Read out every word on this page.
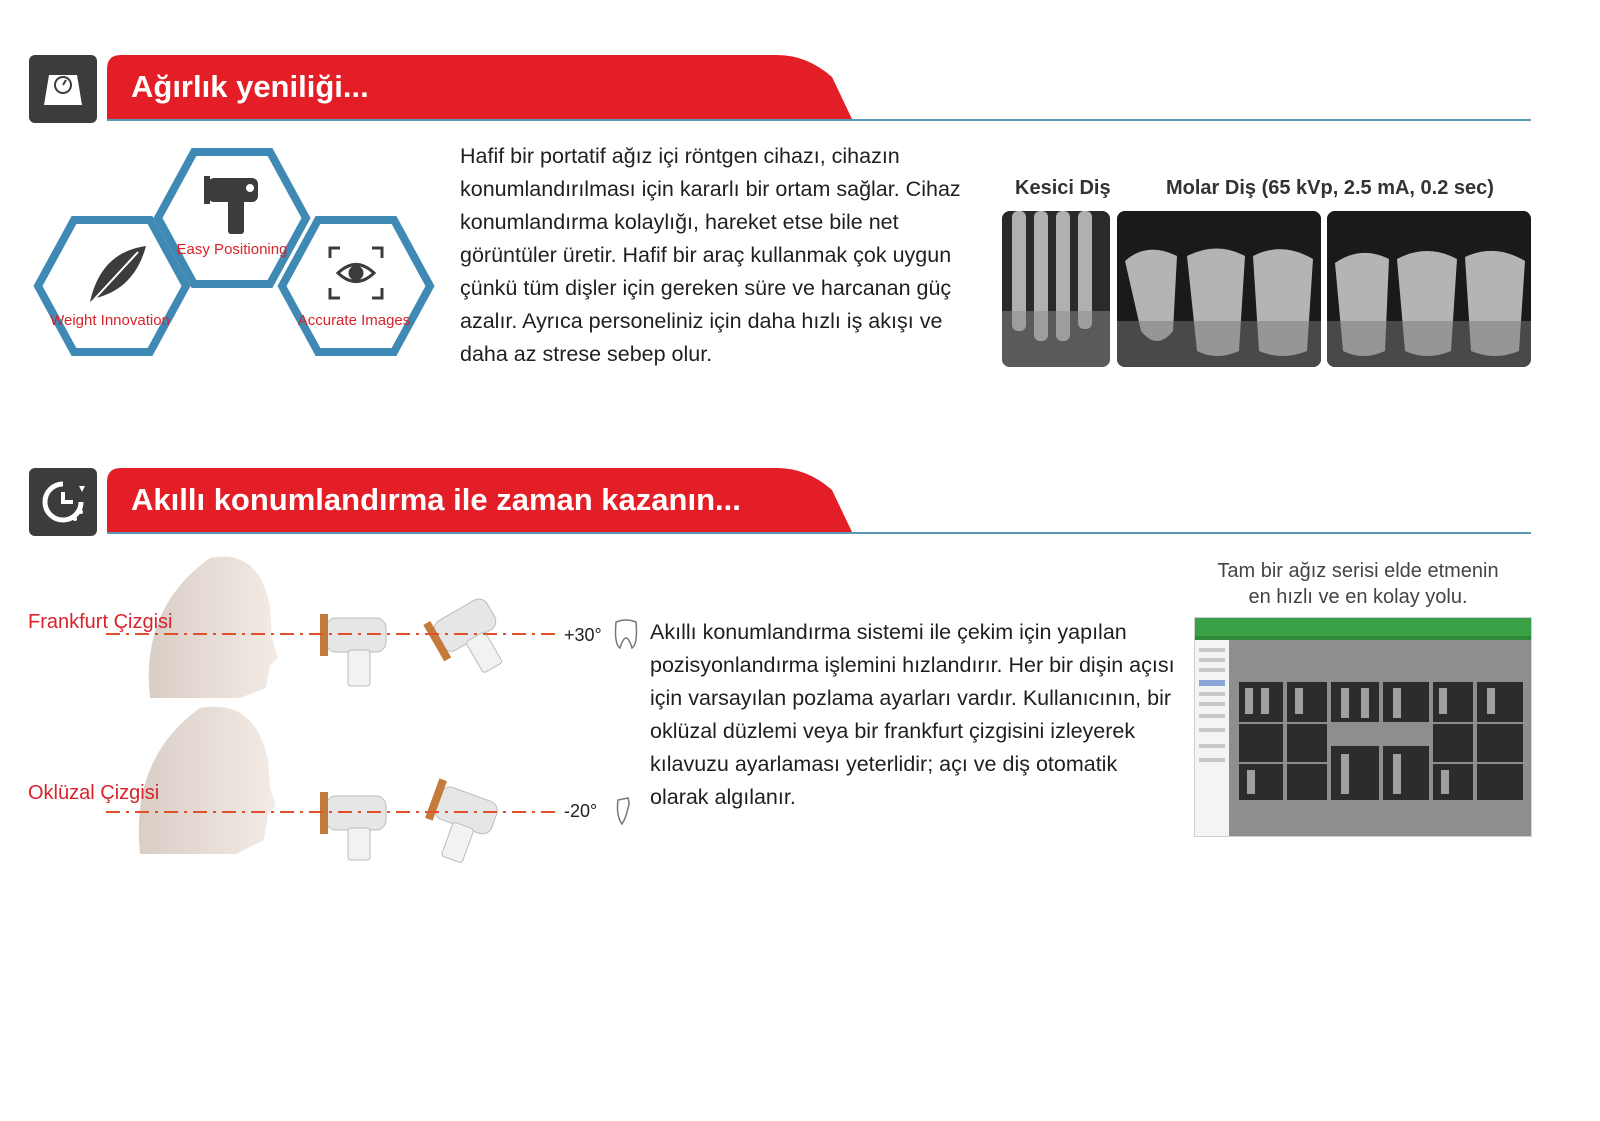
Ağırlık yeniliği...
Weight Innovation
Easy Positioning
Accurate Images

Hafif bir portatif ağız içi röntgen cihazı, cihazın konumlandırılması için kararlı bir ortam sağlar. Cihaz konumlandırma kolaylığı, hareket etse bile net görüntüler üretir. Hafif bir araç kullanmak çok uygun çünkü tüm dişler için gereken süre ve harcanan güç azalır. Ayrıca personeliniz için daha hızlı iş akışı ve daha az strese sebep olur.

Kesici Diş	Molar Diş (65 kVp, 2.5 mA, 0.2 sec)
Akıllı konumlandırma ile zaman kazanın...
Frankfurt Çizgisi
Oklüzal Çizgisi
+30°
-20°

Akıllı konumlandırma sistemi ile çekim için yapılan pozisyonlandırma işlemini hızlandırır. Her bir dişin açısı için varsayılan pozlama ayarları vardır. Kullanıcının, bir oklüzal düzlemi veya bir frankfurt çizgisini izleyerek kılavuzu ayarlaması yeterlidir; açı ve diş otomatik olarak algılanır.

Tam bir ağız serisi elde etmenin
en hızlı ve en kolay yolu.
